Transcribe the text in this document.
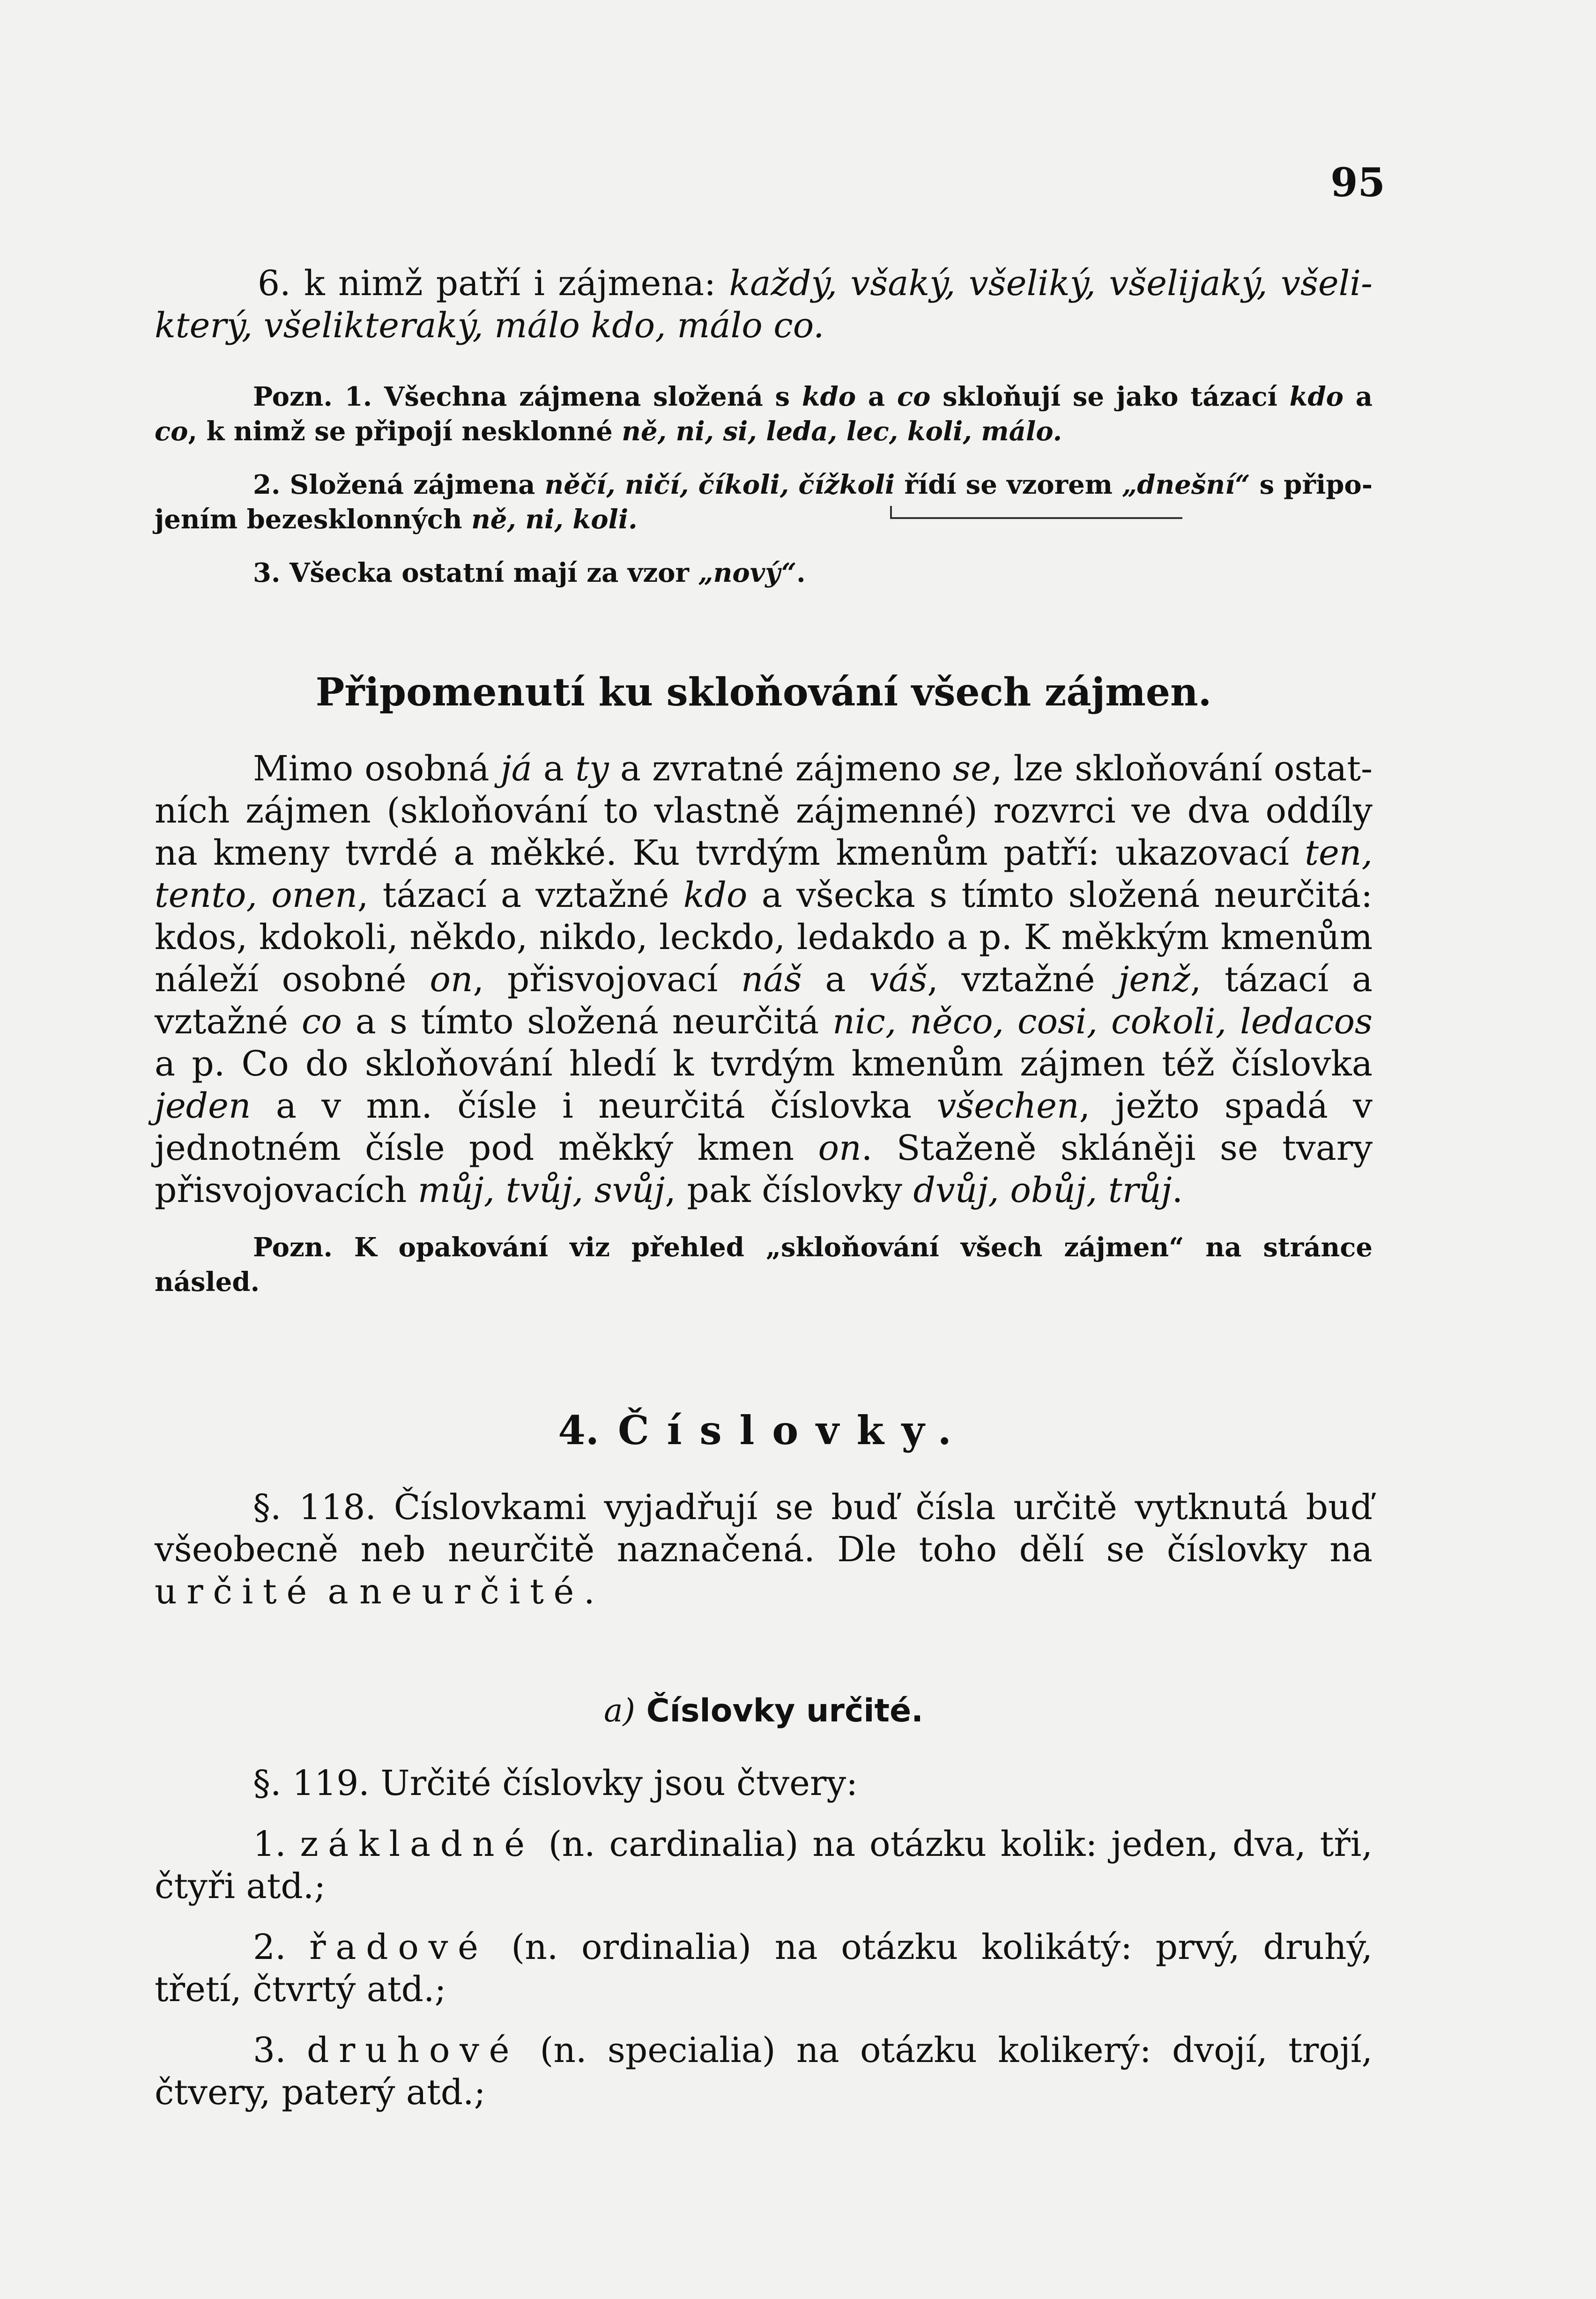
95

6. k nimž patří i zájmena: každý, všaký, všeliký, všelijaký, všelikterý, všelikteraký, málo kdo, málo co.

Pozn. 1. Všechna zájmena složená s kdo a co skloňují se jako tázací kdo a co, k nimž se připojí nesklonné ně, ni, si, leda, lec, koli, málo.

2. Složená zájmena něčí, ničí, číkoli, čížkoli řídí se vzorem „dnešní“ s připojením bezesklonných ně, ni, koli.

3. Všecka ostatní mají za vzor „nový“.

Připomenutí ku skloňování všech zájmen.

Mimo osobná já a ty a zvratné zájmeno se, lze skloňování ostatních zájmen (skloňování to vlastně zájmenné) rozvrci ve dva oddíly na kmeny tvrdé a měkké. Ku tvrdým kmenům patří: ukazovací ten, tento, onen, tázací a vztažné kdo a všecka s tímto složená neurčitá: kdos, kdokoli, někdo, nikdo, leckdo, ledakdo a p. K měkkým kmenům náleží osobné on, přisvojovací náš a váš, vztažné jenž, tázací a vztažné co a s tímto složená neurčitá nic, něco, cosi, cokoli, ledacos a p. Co do skloňování hledí k tvrdým kmenům zájmen též číslovka jeden a v mn. čísle i neurčitá číslovka všechen, ježto spadá v jednotném čísle pod měkký kmen on. Staženě skláněji se tvary přisvojovacích můj, tvůj, svůj, pak číslovky dvůj, obůj, trůj.

Pozn. K opakování viz přehled „skloňování všech zájmen“ na stránce násled.

4. Číslovky.

§. 118. Číslovkami vyjadřují se buď čísla určitě vytknutá buď všeobecně neb neurčitě naznačená. Dle toho dělí se číslovky na určité a neurčité.

a) Číslovky určité.

§. 119. Určité číslovky jsou čtvery:

1. základné (n. cardinalia) na otázku kolik: jeden, dva, tři, čtyři atd.;

2. řadové (n. ordinalia) na otázku kolikátý: prvý, druhý, třetí, čtvrtý atd.;

3. druhové (n. specialia) na otázku kolikerý: dvojí, trojí, čtvery, paterý atd.;
